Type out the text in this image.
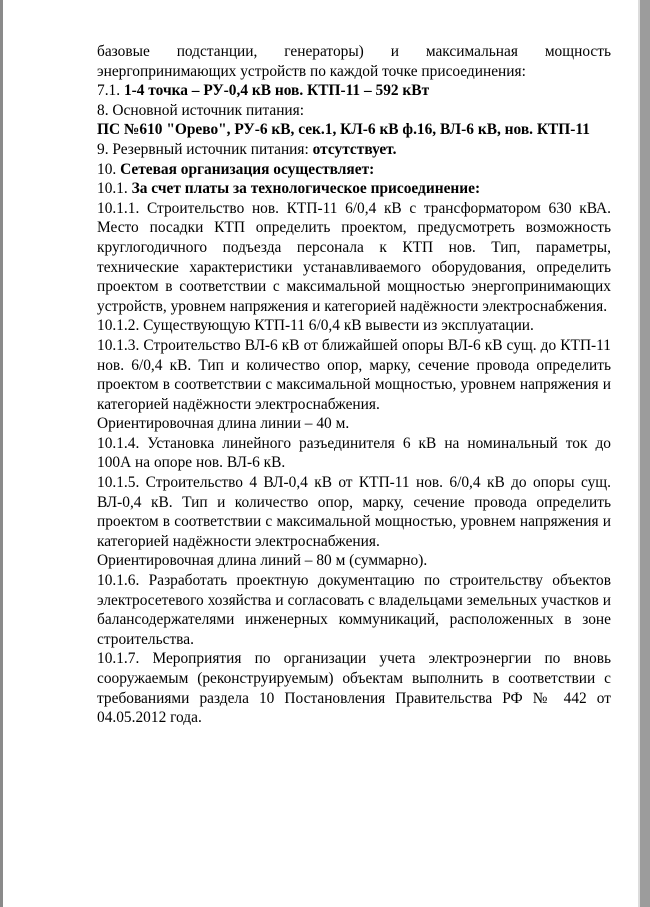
базовые подстанции, генераторы) и максимальная мощность энергопринимающих устройств по каждой точке присоединения:

7.1. 1-4 точка – РУ-0,4 кВ нов. КТП-11 – 592 кВт

8. Основной источник питания:

ПС №610 "Орево", РУ-6 кВ, сек.1, КЛ-6 кВ ф.16, ВЛ-6 кВ, нов. КТП-11

9. Резервный источник питания: отсутствует.

10. Сетевая организация осуществляет:

10.1. За счет платы за технологическое присоединение:

10.1.1. Строительство нов. КТП-11 6/0,4 кВ с трансформатором 630 кВА. Место посадки КТП определить проектом, предусмотреть возможность круглогодичного подъезда персонала к КТП нов. Тип, параметры, технические характеристики устанавливаемого оборудования, определить проектом в соответствии с максимальной мощностью энергопринимающих устройств, уровнем напряжения и категорией надёжности электроснабжения.

10.1.2. Существующую КТП-11 6/0,4 кВ вывести из эксплуатации.

10.1.3. Строительство ВЛ-6 кВ от ближайшей опоры ВЛ-6 кВ сущ. до КТП-11 нов. 6/0,4 кВ. Тип и количество опор, марку, сечение провода определить проектом в соответствии с максимальной мощностью, уровнем напряжения и категорией надёжности электроснабжения.

Ориентировочная длина линии – 40 м.

10.1.4. Установка линейного разъединителя 6 кВ на номинальный ток до 100А на опоре нов. ВЛ-6 кВ.

10.1.5. Строительство 4 ВЛ-0,4 кВ от КТП-11 нов. 6/0,4 кВ до опоры сущ. ВЛ-0,4 кВ. Тип и количество опор, марку, сечение провода определить проектом в соответствии с максимальной мощностью, уровнем напряжения и категорией надёжности электроснабжения.

Ориентировочная длина линий – 80 м (суммарно).

10.1.6. Разработать проектную документацию по строительству объектов электросетевого хозяйства и согласовать с владельцами земельных участков и балансодержателями инженерных коммуникаций, расположенных в зоне строительства.

10.1.7. Мероприятия по организации учета электроэнергии по вновь сооружаемым (реконструируемым) объектам выполнить в соответствии с требованиями раздела 10 Постановления Правительства РФ № 442 от 04.05.2012 года.
